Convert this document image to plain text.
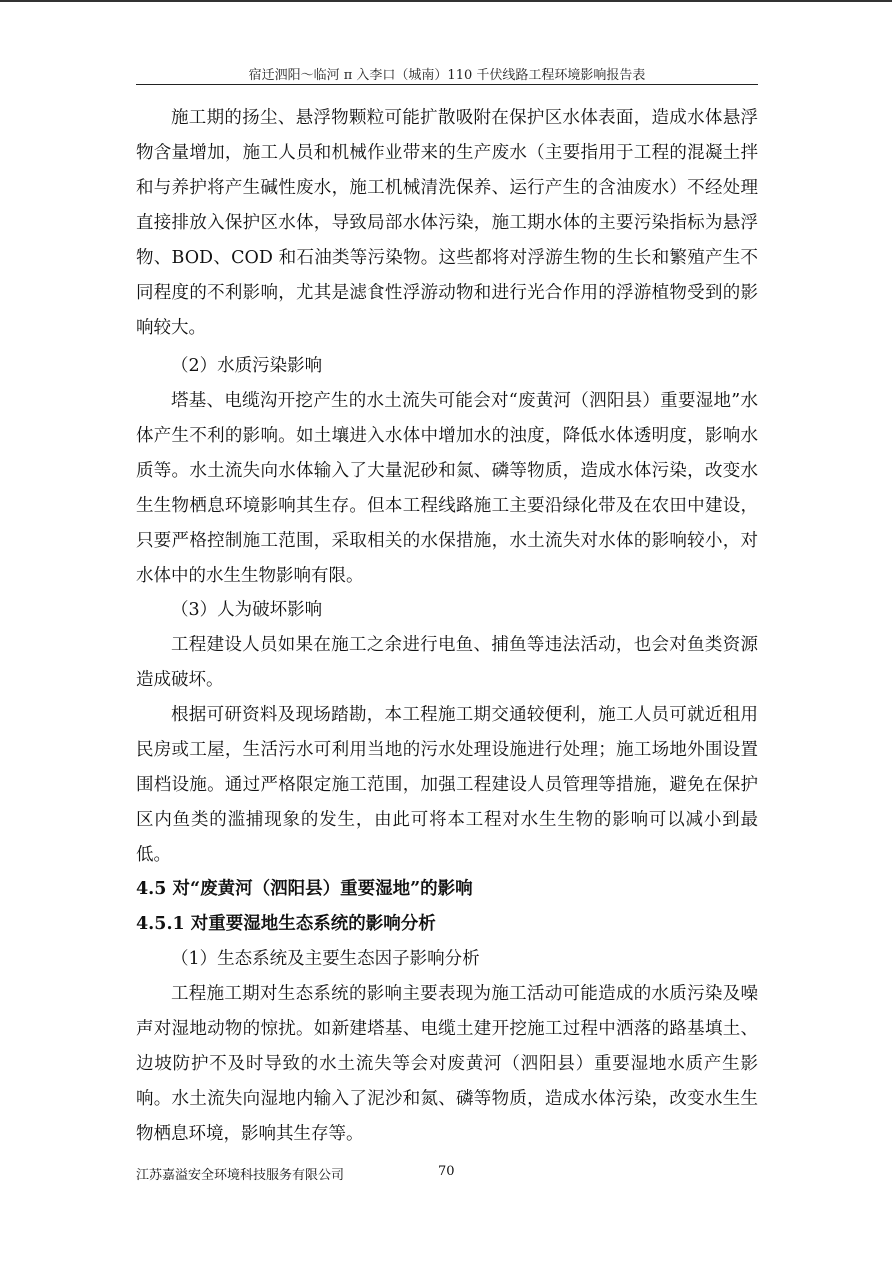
宿迁泗阳～临河 π 入李口（城南）110 千伏线路工程环境影响报告表

施工期的扬尘、悬浮物颗粒可能扩散吸附在保护区水体表面，造成水体悬浮物含量增加，施工人员和机械作业带来的生产废水（主要指用于工程的混凝土拌和与养护将产生碱性废水，施工机械清洗保养、运行产生的含油废水）不经处理直接排放入保护区水体，导致局部水体污染，施工期水体的主要污染指标为悬浮物、BOD、COD 和石油类等污染物。这些都将对浮游生物的生长和繁殖产生不同程度的不利影响，尤其是滤食性浮游动物和进行光合作用的浮游植物受到的影响较大。

（2）水质污染影响

塔基、电缆沟开挖产生的水土流失可能会对“废黄河（泗阳县）重要湿地”水体产生不利的影响。如土壤进入水体中增加水的浊度，降低水体透明度，影响水质等。水土流失向水体输入了大量泥砂和氮、磷等物质，造成水体污染，改变水生生物栖息环境影响其生存。但本工程线路施工主要沿绿化带及在农田中建设，只要严格控制施工范围，采取相关的水保措施，水土流失对水体的影响较小，对水体中的水生生物影响有限。

（3）人为破坏影响

工程建设人员如果在施工之余进行电鱼、捕鱼等违法活动，也会对鱼类资源造成破坏。

根据可研资料及现场踏勘，本工程施工期交通较便利，施工人员可就近租用民房或工屋，生活污水可利用当地的污水处理设施进行处理；施工场地外围设置围档设施。通过严格限定施工范围，加强工程建设人员管理等措施，避免在保护区内鱼类的滥捕现象的发生，由此可将本工程对水生生物的影响可以减小到最低。

4.5 对“废黄河（泗阳县）重要湿地”的影响

4.5.1 对重要湿地生态系统的影响分析

（1）生态系统及主要生态因子影响分析

工程施工期对生态系统的影响主要表现为施工活动可能造成的水质污染及噪声对湿地动物的惊扰。如新建塔基、电缆土建开挖施工过程中洒落的路基填土、边坡防护不及时导致的水土流失等会对废黄河（泗阳县）重要湿地水质产生影响。水土流失向湿地内输入了泥沙和氮、磷等物质，造成水体污染，改变水生生物栖息环境，影响其生存等。

江苏嘉溢安全环境科技服务有限公司	70
